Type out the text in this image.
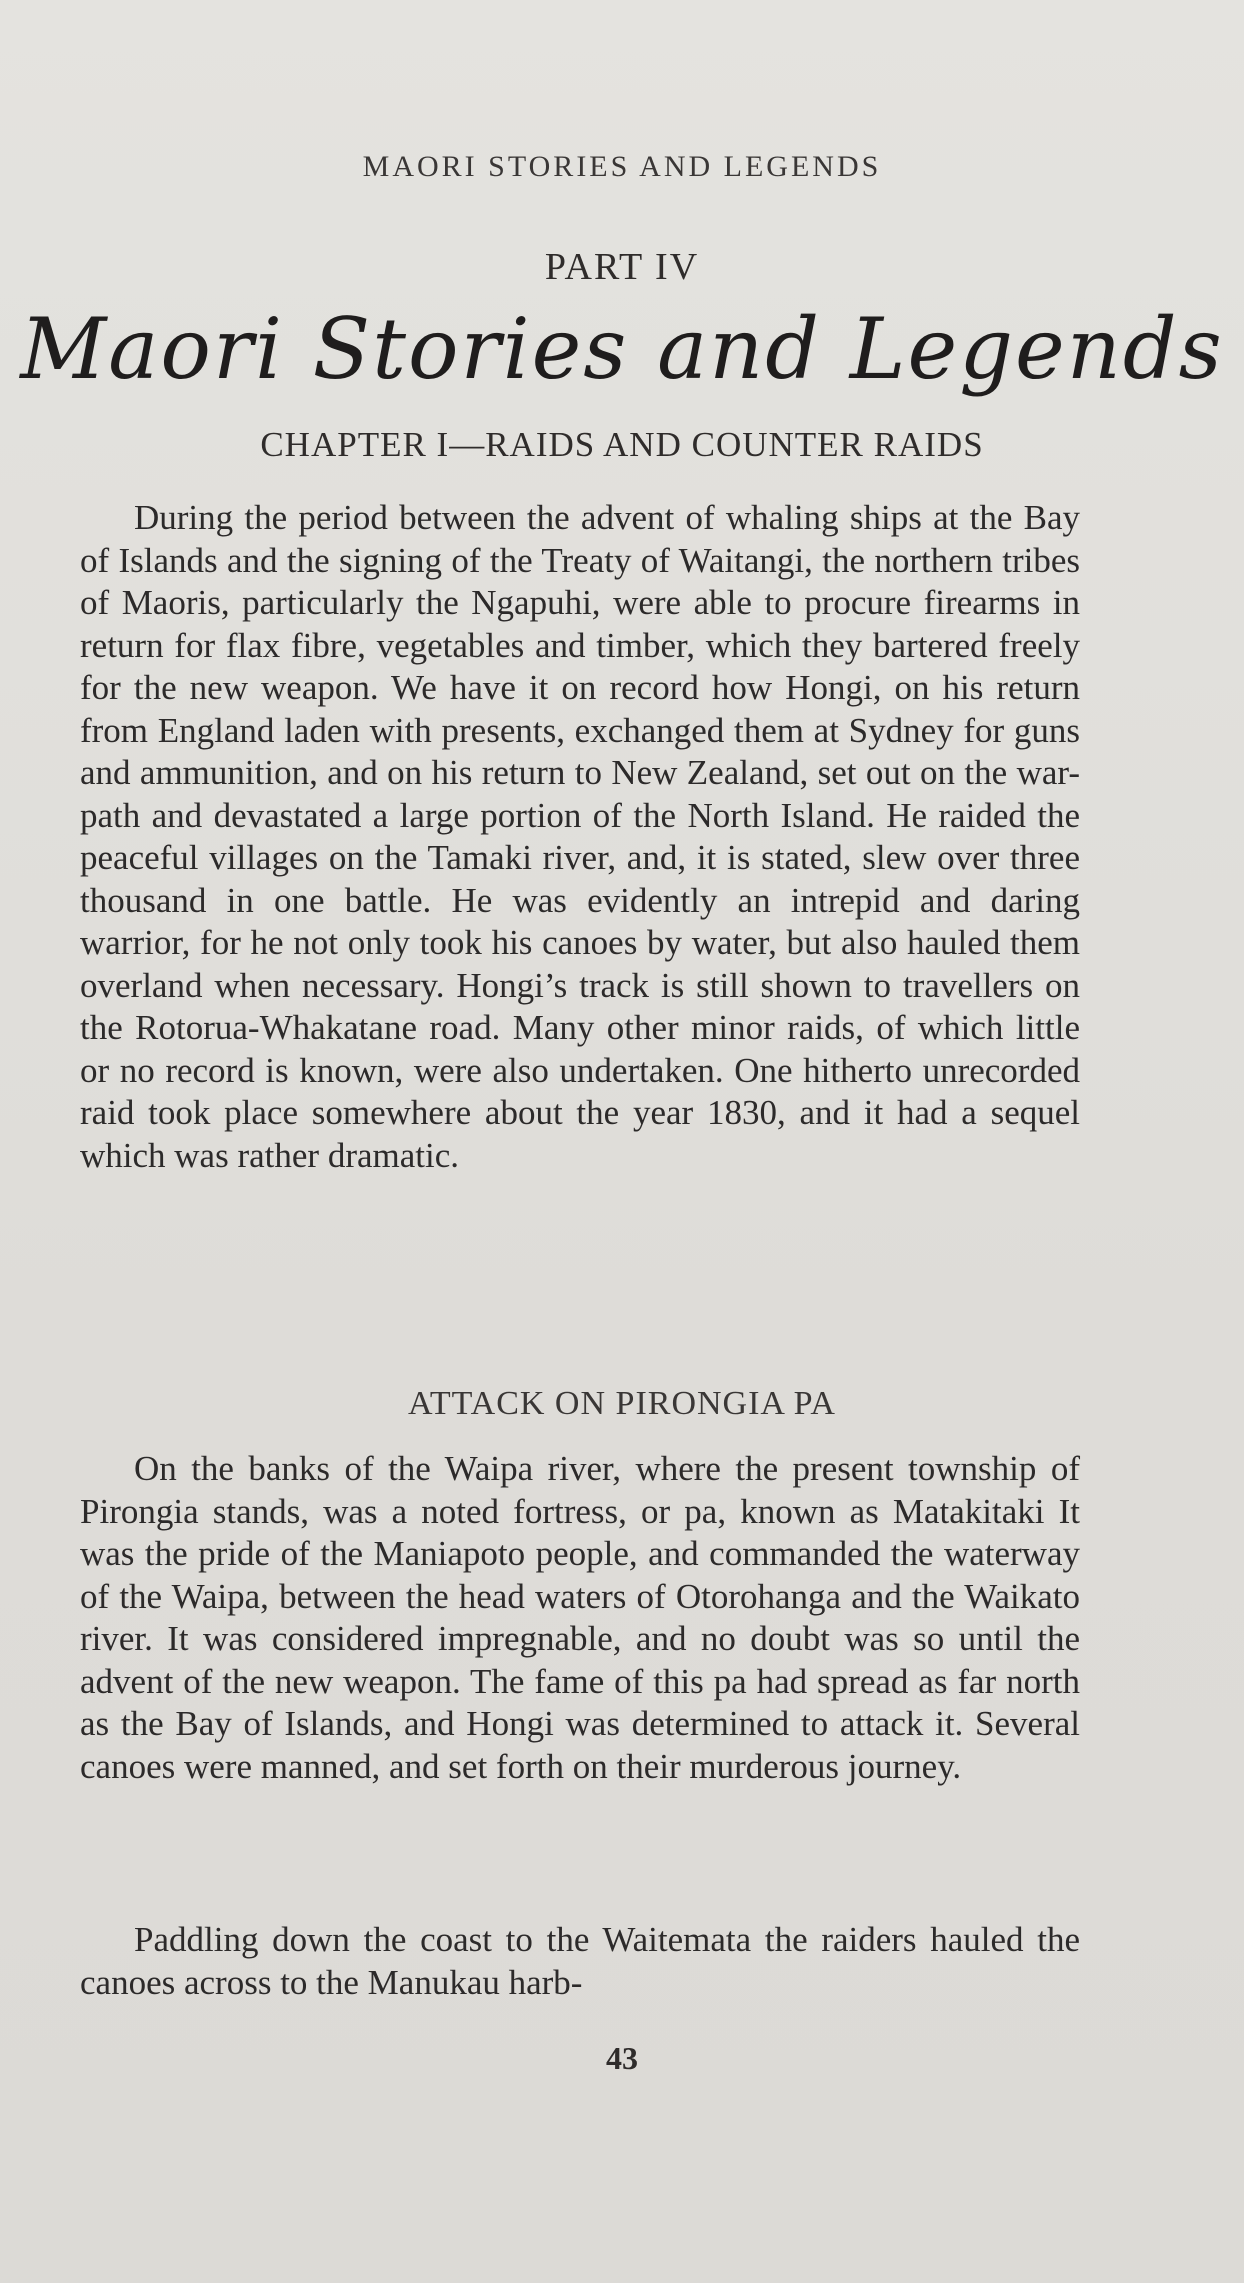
MAORI STORIES AND LEGENDS
PART IV
Maori Stories and Legends
CHAPTER I—RAIDS AND COUNTER RAIDS

During the period between the advent of whaling ships at the Bay of Islands and the signing of the Treaty of Waitangi, the northern tribes of Maoris, particularly the Ngapuhi, were able to procure firearms in return for flax fibre, vegetables and timber, which they bartered freely for the new weapon. We have it on record how Hongi, on his return from England laden with presents, exchanged them at Sydney for guns and ammunition, and on his return to New Zealand, set out on the war-path and devastated a large portion of the North Island. He raided the peaceful villages on the Tamaki river, and, it is stated, slew over three thousand in one battle. He was evidently an intrepid and daring warrior, for he not only took his canoes by water, but also hauled them overland when necessary. Hongi’s track is still shown to travellers on the Rotorua-Whakatane road. Many other minor raids, of which little or no record is known, were also undertaken. One hitherto unrecorded raid took place somewhere about the year 1830, and it had a sequel which was rather dramatic.

ATTACK ON PIRONGIA PA

On the banks of the Waipa river, where the present township of Pirongia stands, was a noted fortress, or pa, known as Matakitaki It was the pride of the Maniapoto people, and commanded the waterway of the Waipa, between the head waters of Otorohanga and the Waikato river. It was considered impregnable, and no doubt was so until the advent of the new weapon. The fame of this pa had spread as far north as the Bay of Islands, and Hongi was determined to attack it. Several canoes were manned, and set forth on their murderous journey.

Paddling down the coast to the Waitemata the raiders hauled the canoes across to the Manukau harb-

43
